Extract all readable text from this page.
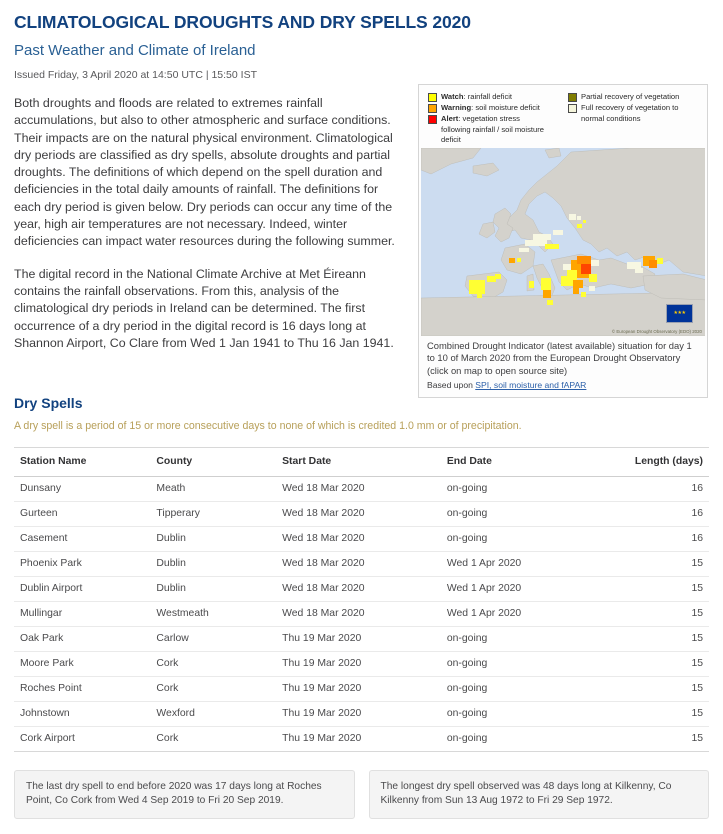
CLIMATOLOGICAL DROUGHTS AND DRY SPELLS 2020
Past Weather and Climate of Ireland

Issued Friday, 3 April 2020 at 14:50 UTC | 15:50 IST

Both droughts and floods are related to extremes rainfall accumulations, but also to other atmospheric and surface conditions. Their impacts are on the natural physical environment. Climatological dry periods are classified as dry spells, absolute droughts and partial droughts. The definitions of which depend on the spell duration and deficiencies in the total daily amounts of rainfall. The definitions for each dry period is given below. Dry periods can occur any time of the year, high air temperatures are not necessary. Indeed, winter deficiencies can impact water resources during the following summer.

The digital record in the National Climate Archive at Met Éireann contains the rainfall observations. From this, analysis of the climatological dry periods in Ireland can be determined. The first occurrence of a dry period in the digital record is 16 days long at Shannon Airport, Co Clare from Wed 1 Jan 1941 to Thu 16 Jan 1941.

Watch: rainfall deficit
Warning: soil moisture deficit
Alert: vegetation stress
following rainfall / soil moisture deficit
Partial recovery of vegetation
Full recovery of vegetation to
normal conditions
★★★
© European Drought Observatory (EDO) 2020
Combined Drought Indicator (latest available) situation for day 1 to 10 of March 2020 from the European Drought Observatory (click on map to open source site)
Based upon SPI, soil moisture and fAPAR
Dry Spells

A dry spell is a period of 15 or more consecutive days to none of which is credited 1.0 mm or of precipitation.

Station Name	County	Start Date	End Date	Length (days)
Dunsany	Meath	Wed 18 Mar 2020	on-going	16
Gurteen	Tipperary	Wed 18 Mar 2020	on-going	16
Casement	Dublin	Wed 18 Mar 2020	on-going	16
Phoenix Park	Dublin	Wed 18 Mar 2020	Wed 1 Apr 2020	15
Dublin Airport	Dublin	Wed 18 Mar 2020	Wed 1 Apr 2020	15
Mullingar	Westmeath	Wed 18 Mar 2020	Wed 1 Apr 2020	15
Oak Park	Carlow	Thu 19 Mar 2020	on-going	15
Moore Park	Cork	Thu 19 Mar 2020	on-going	15
Roches Point	Cork	Thu 19 Mar 2020	on-going	15
Johnstown	Wexford	Thu 19 Mar 2020	on-going	15
Cork Airport	Cork	Thu 19 Mar 2020	on-going	15
The last dry spell to end before 2020 was 17 days long at Roches Point, Co Cork from Wed 4 Sep 2019 to Fri 20 Sep 2019.
The longest dry spell observed was 48 days long at Kilkenny, Co Kilkenny from Sun 13 Aug 1972 to Fri 29 Sep 1972.
